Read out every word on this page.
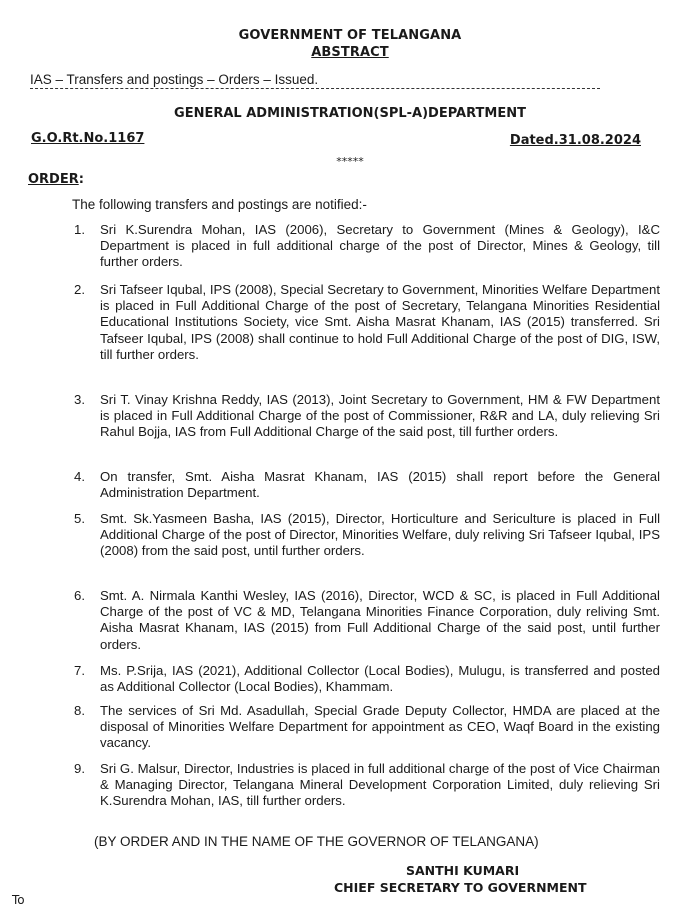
GOVERNMENT OF TELANGANA
ABSTRACT
IAS – Transfers and postings – Orders – Issued.
GENERAL ADMINISTRATION(SPL-A)DEPARTMENT
G.O.Rt.No.1167	Dated.31.08.2024
*****
ORDER:
The following transfers and postings are notified:-
1. Sri K.Surendra Mohan, IAS (2006), Secretary to Government (Mines & Geology), I&C Department is placed in full additional charge of the post of Director, Mines & Geology, till further orders.
2. Sri Tafseer Iqubal, IPS (2008), Special Secretary to Government, Minorities Welfare Department is placed in Full Additional Charge of the post of Secretary, Telangana Minorities Residential Educational Institutions Society, vice Smt. Aisha Masrat Khanam, IAS (2015) transferred. Sri Tafseer Iqubal, IPS (2008) shall continue to hold Full Additional Charge of the post of DIG, ISW, till further orders.
3. Sri T. Vinay Krishna Reddy, IAS (2013), Joint Secretary to Government, HM & FW Department is placed in Full Additional Charge of the post of Commissioner, R&R and LA, duly relieving Sri Rahul Bojja, IAS from Full Additional Charge of the said post, till further orders.
4. On transfer, Smt. Aisha Masrat Khanam, IAS (2015) shall report before the General Administration Department.
5. Smt. Sk.Yasmeen Basha, IAS (2015), Director, Horticulture and Sericulture is placed in Full Additional Charge of the post of Director, Minorities Welfare, duly reliving Sri Tafseer Iqubal, IPS (2008) from the said post, until further orders.
6. Smt. A. Nirmala Kanthi Wesley, IAS (2016), Director, WCD & SC, is placed in Full Additional Charge of the post of VC & MD, Telangana Minorities Finance Corporation, duly reliving Smt. Aisha Masrat Khanam, IAS (2015) from Full Additional Charge of the said post, until further orders.
7. Ms. P.Srija, IAS (2021), Additional Collector (Local Bodies), Mulugu, is transferred and posted as Additional Collector (Local Bodies), Khammam.
8. The services of Sri Md. Asadullah, Special Grade Deputy Collector, HMDA are placed at the disposal of Minorities Welfare Department for appointment as CEO, Waqf Board in the existing vacancy.
9. Sri G. Malsur, Director, Industries is placed in full additional charge of the post of Vice Chairman & Managing Director, Telangana Mineral Development Corporation Limited, duly relieving Sri K.Surendra Mohan, IAS, till further orders.
(BY ORDER AND IN THE NAME OF THE GOVERNOR OF TELANGANA)
SANTHI KUMARI
CHIEF SECRETARY TO GOVERNMENT
To
